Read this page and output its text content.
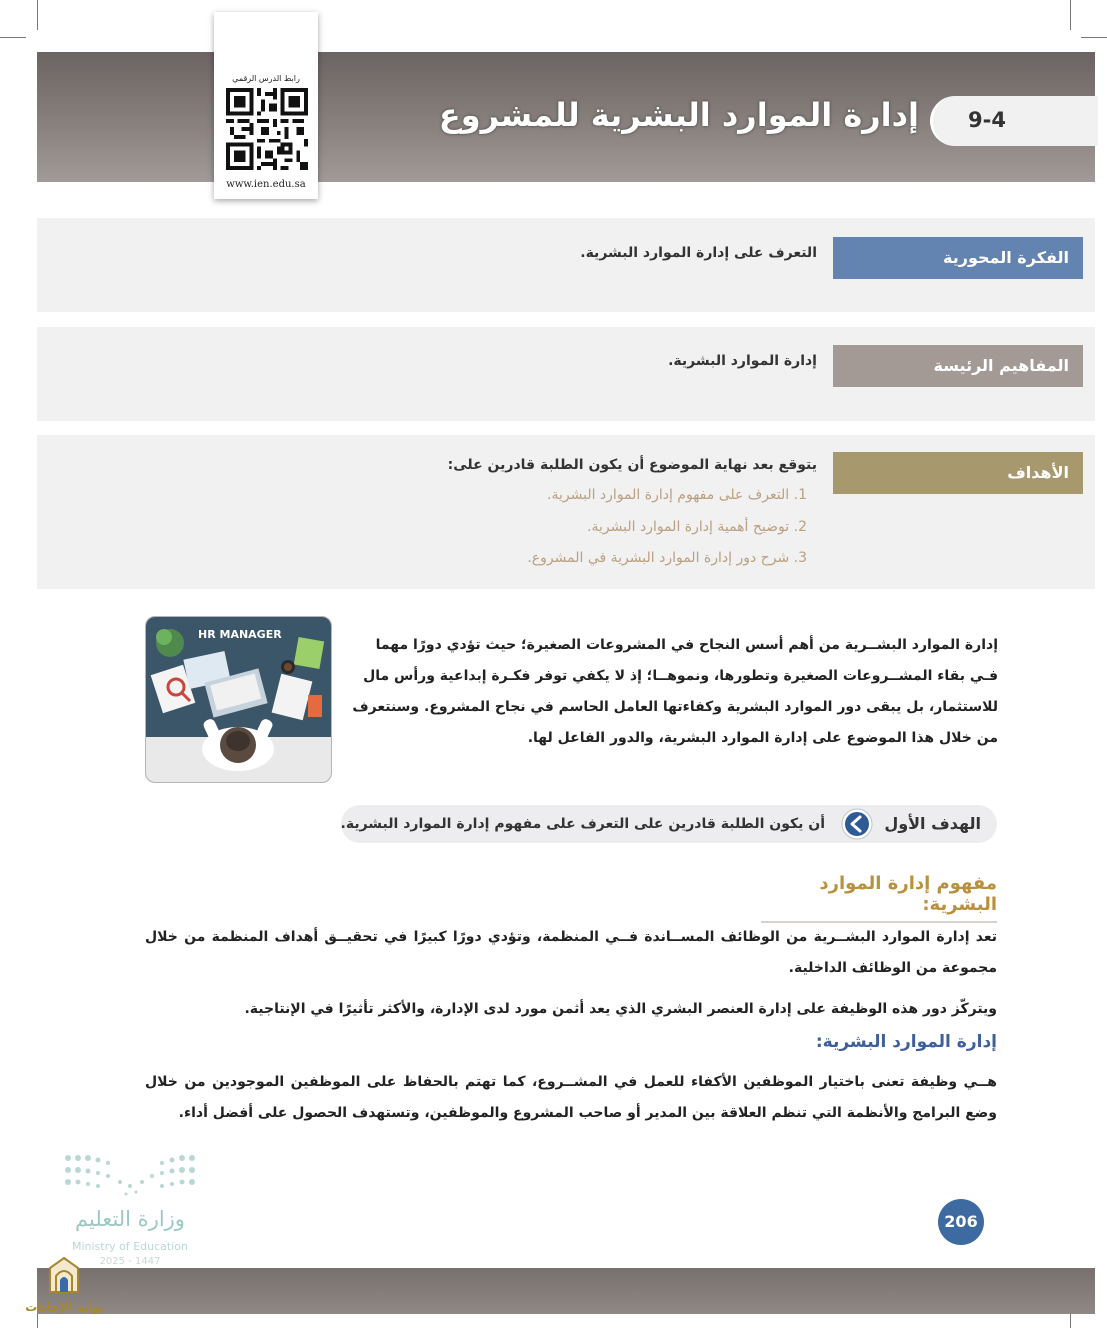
9-4
إدارة الموارد البشرية للمشروع
رابط الدرس الرقمي
www.ien.edu.sa
الفكرة المحورية
التعرف على إدارة الموارد البشرية.
المفاهيم الرئيسة
إدارة الموارد البشرية.
الأهداف
يتوقع بعد نهاية الموضوع أن يكون الطلبة قادرين على:
1. التعرف على مفهوم إدارة الموارد البشرية.
2. توضيح أهمية إدارة الموارد البشرية.
3. شرح دور إدارة الموارد البشرية في المشروع.
إدارة الموارد البشــرية من أهم أسس النجاح في المشروعات الصغيرة؛ حيث تؤدي دورًا مهما
فـي بقاء المشــروعات الصغيرة وتطورها، ونموهــا؛ إذ لا يكفي توفر فكـرة إبداعية ورأس مال
للاستثمار، بل يبقى دور الموارد البشرية وكفاءتها العامل الحاسم في نجاح المشروع. وسنتعرف
من خلال هذا الموضوع على إدارة الموارد البشرية، والدور الفاعل لها.
HR MANAGER
الهدف الأول
أن يكون الطلبة قادرين على التعرف على مفهوم إدارة الموارد البشرية.
مفهوم إدارة الموارد البشرية:
تعد إدارة الموارد البشــرية من الوظائف المســاندة فــي المنظمة، وتؤدي دورًا كبيرًا في تحقيــق أهداف المنظمة من خلال مجموعة من الوظائف الداخلية.
ويتركّز دور هذه الوظيفة على إدارة العنصر البشري الذي يعد أثمن مورد لدى الإدارة، والأكثر تأثيرًا في الإنتاجية.
إدارة الموارد البشرية:
هــي وظيفة تعنى باختيار الموظفين الأكفاء للعمل في المشــروع، كما تهتم بالحفاظ على الموظفين الموجودين من خلال وضع البرامج والأنظمة التي تنظم العلاقة بين المدير أو صاحب المشروع والموظفين، وتستهدف الحصول على أفضل أداء.
وزارة التعليم
Ministry of Education
2025 - 1447
206
بوابة الإجابات
